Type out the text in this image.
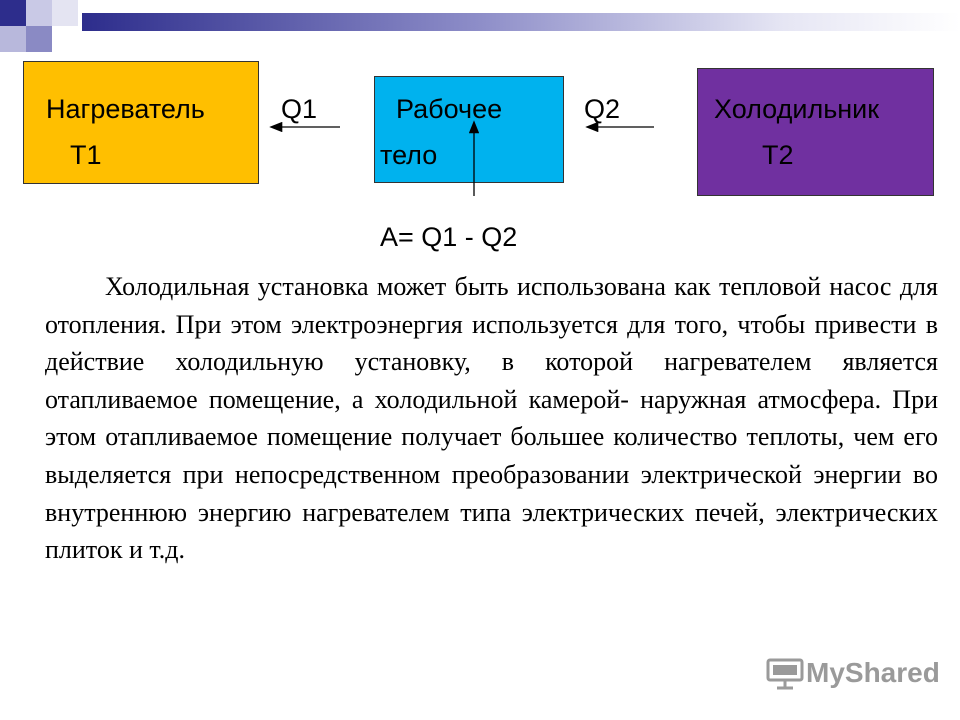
Нагреватель
T1
Рабочее
тело
Холодильник
T2
Q1	Q2
A= Q1 - Q2
Холодильная установка может быть использована как тепловой насос для отопления. При этом электроэнергия используется для того, чтобы привести в действие холодильную установку, в которой нагревателем является отапливаемое помещение, а холодильной камерой- наружная атмосфера. При этом отапливаемое помещение получает большее количество теплоты, чем его выделяется при непосредственном преобразовании электрической энергии во внутреннюю энергию нагревателем типа электрических печей, электрических плиток и т.д.
MyShared
